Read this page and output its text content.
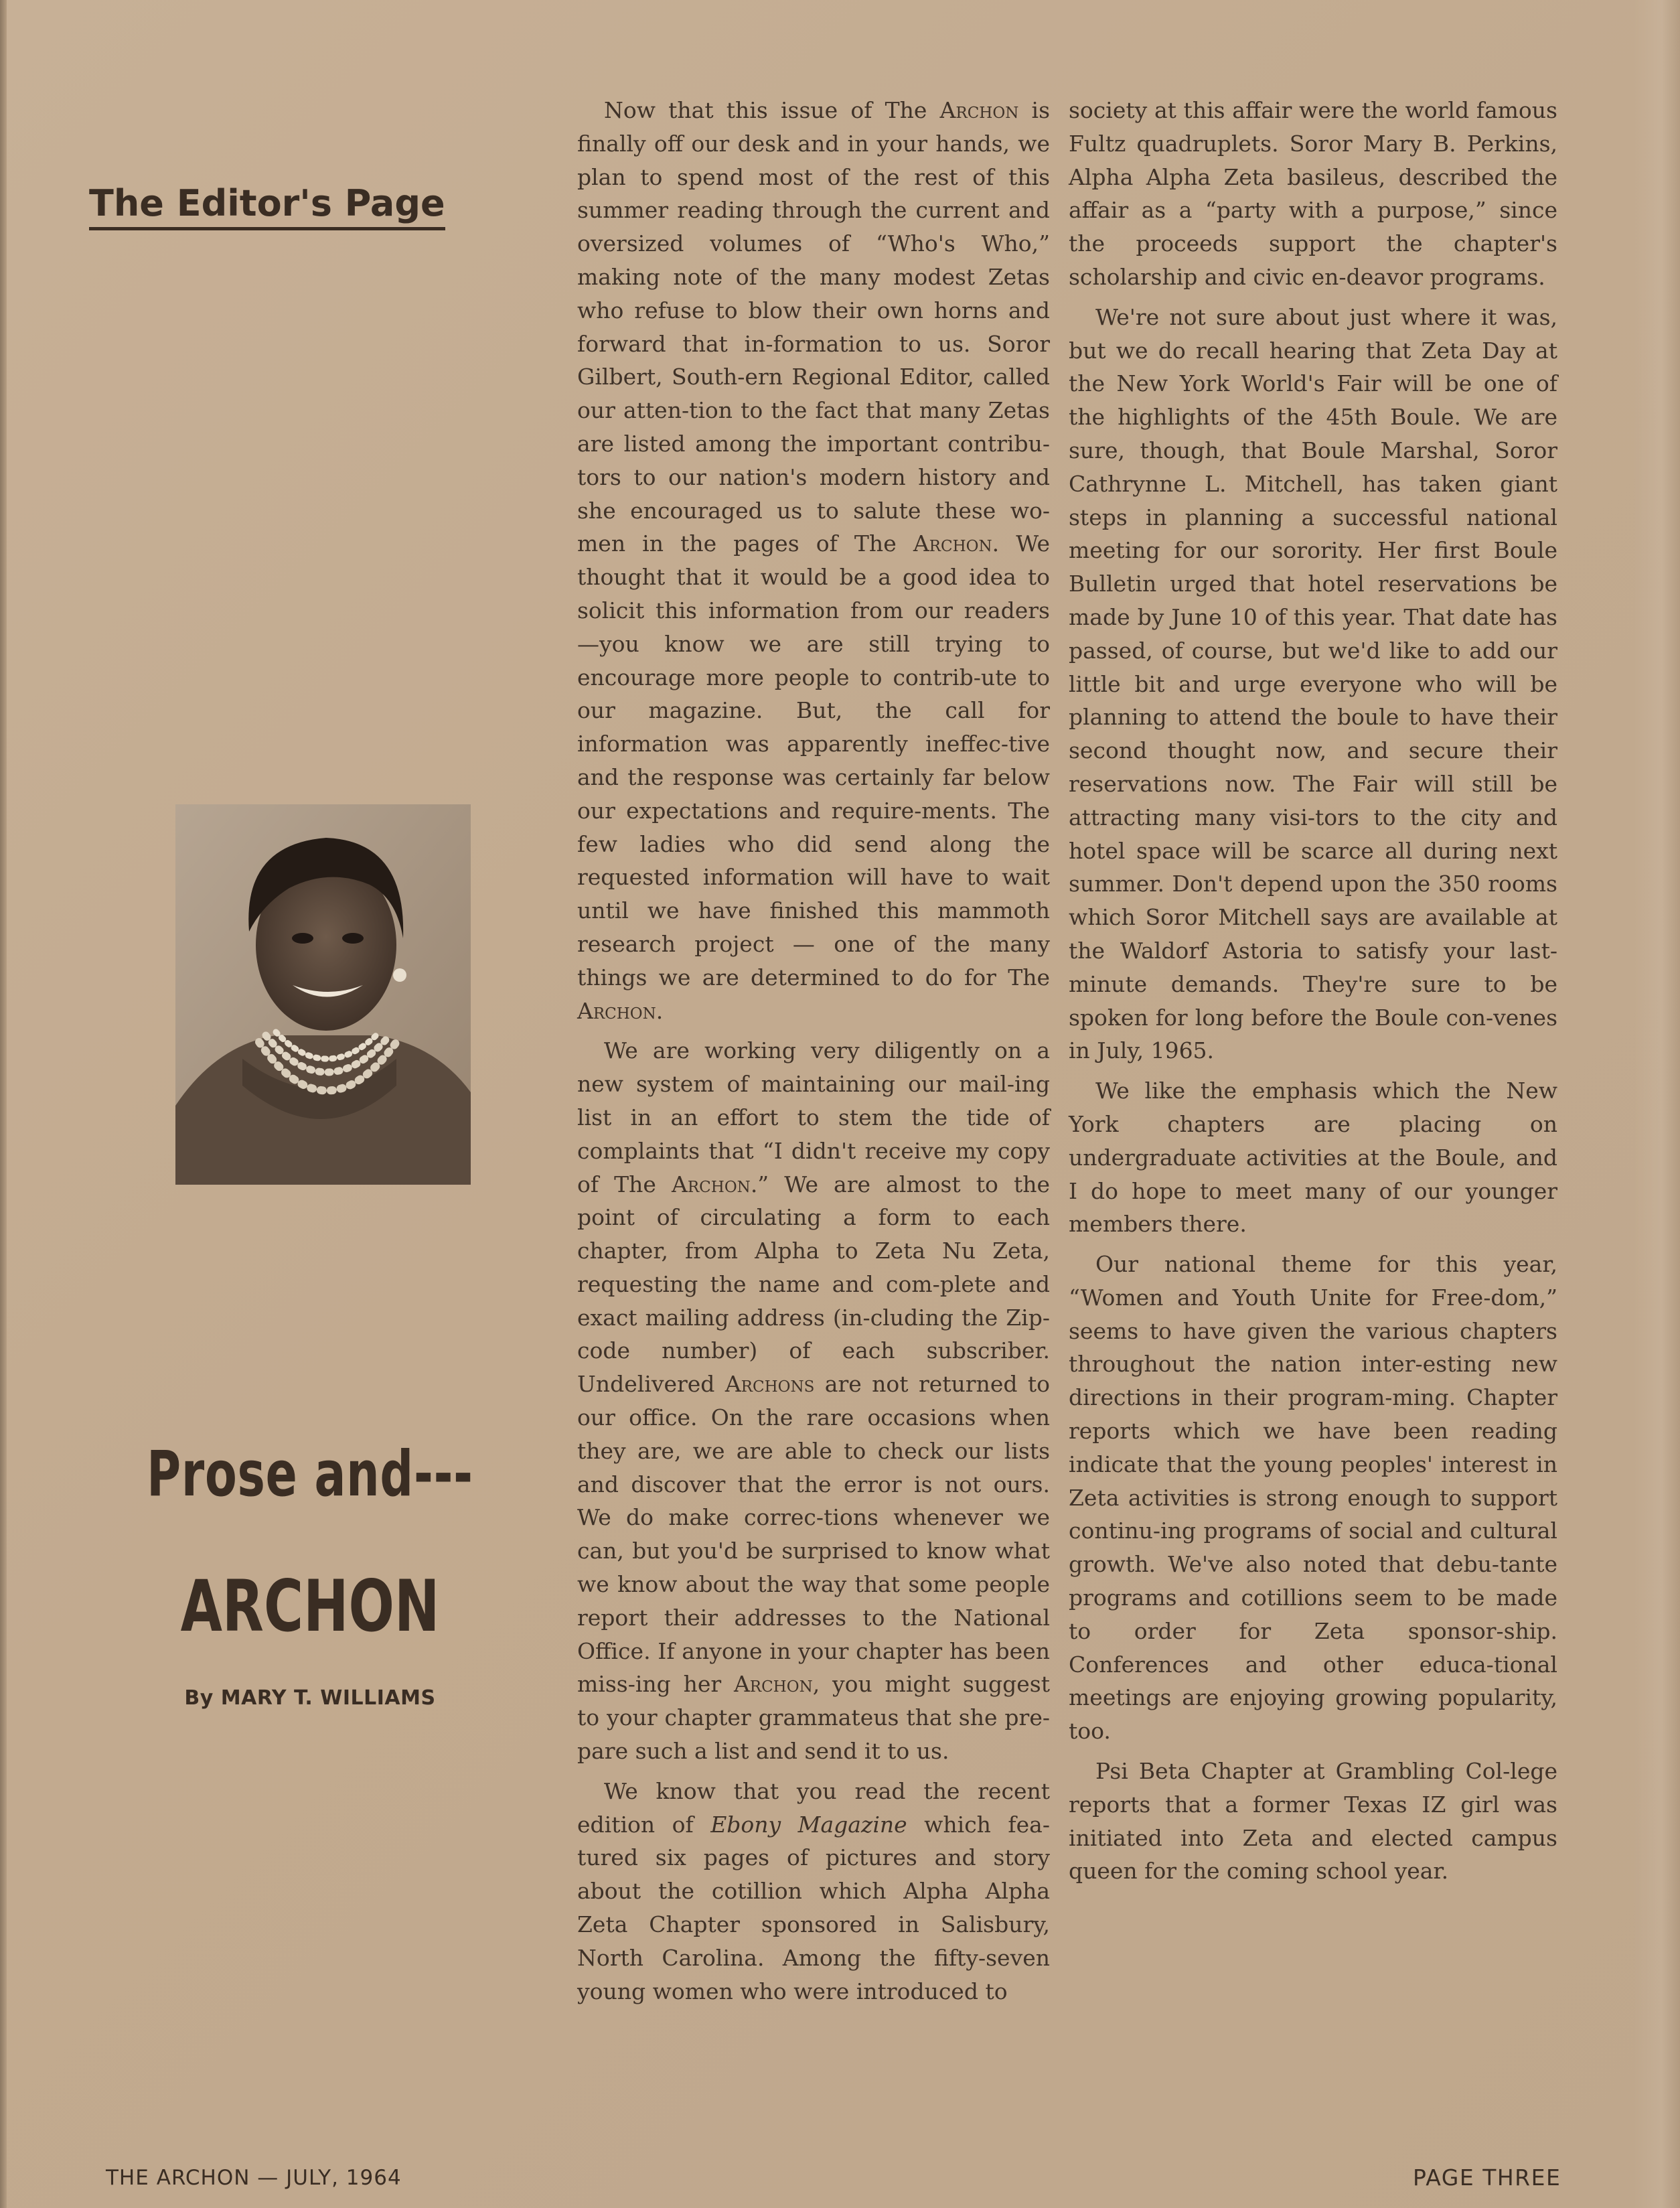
The Editor's Page
Prose and---
ARCHON
By MARY T. WILLIAMS

Now that this issue of The Archon is finally off our desk and in your hands, we plan to spend most of the rest of this summer reading through the current and oversized volumes of “Who's Who,” making note of the many modest Zetas who refuse to blow their own horns and forward that in-formation to us. Soror Gilbert, South-ern Regional Editor, called our atten-tion to the fact that many Zetas are listed among the important contribu-tors to our nation's modern history and she encouraged us to salute these wo-men in the pages of The Archon. We thought that it would be a good idea to solicit this information from our readers—you know we are still trying to encourage more people to contrib-ute to our magazine. But, the call for information was apparently ineffec-tive and the response was certainly far below our expectations and require-ments. The few ladies who did send along the requested information will have to wait until we have finished this mammoth research project — one of the many things we are determined to do for The Archon.

We are working very diligently on a new system of maintaining our mail-ing list in an effort to stem the tide of complaints that “I didn't receive my copy of The Archon.” We are almost to the point of circulating a form to each chapter, from Alpha to Zeta Nu Zeta, requesting the name and com-plete and exact mailing address (in-cluding the Zip-code number) of each subscriber. Undelivered Archons are not returned to our office. On the rare occasions when they are, we are able to check our lists and discover that the error is not ours. We do make correc-tions whenever we can, but you'd be surprised to know what we know about the way that some people report their addresses to the National Office. If anyone in your chapter has been miss-ing her Archon, you might suggest to your chapter grammateus that she pre-pare such a list and send it to us.

We know that you read the recent edition of Ebony Magazine which fea-tured six pages of pictures and story about the cotillion which Alpha Alpha Zeta Chapter sponsored in Salisbury, North Carolina. Among the fifty-seven young women who were introduced to

society at this affair were the world famous Fultz quadruplets. Soror Mary B. Perkins, Alpha Alpha Zeta basileus, described the affair as a “party with a purpose,” since the proceeds support the chapter's scholarship and civic en-deavor programs.

We're not sure about just where it was, but we do recall hearing that Zeta Day at the New York World's Fair will be one of the highlights of the 45th Boule. We are sure, though, that Boule Marshal, Soror Cathrynne L. Mitchell, has taken giant steps in planning a successful national meeting for our sorority. Her first Boule Bulletin urged that hotel reservations be made by June 10 of this year. That date has passed, of course, but we'd like to add our little bit and urge everyone who will be planning to attend the boule to have their second thought now, and secure their reservations now. The Fair will still be attracting many visi-tors to the city and hotel space will be scarce all during next summer. Don't depend upon the 350 rooms which Soror Mitchell says are available at the Waldorf Astoria to satisfy your last-minute demands. They're sure to be spoken for long before the Boule con-venes in July, 1965.

We like the emphasis which the New York chapters are placing on undergraduate activities at the Boule, and I do hope to meet many of our younger members there.

Our national theme for this year, “Women and Youth Unite for Free-dom,” seems to have given the various chapters throughout the nation inter-esting new directions in their program-ming. Chapter reports which we have been reading indicate that the young peoples' interest in Zeta activities is strong enough to support continu-ing programs of social and cultural growth. We've also noted that debu-tante programs and cotillions seem to be made to order for Zeta sponsor-ship. Conferences and other educa-tional meetings are enjoying growing popularity, too.

Psi Beta Chapter at Grambling Col-lege reports that a former Texas IZ girl was initiated into Zeta and elected campus queen for the coming school year.

THE ARCHON — JULY, 1964	PAGE THREE
